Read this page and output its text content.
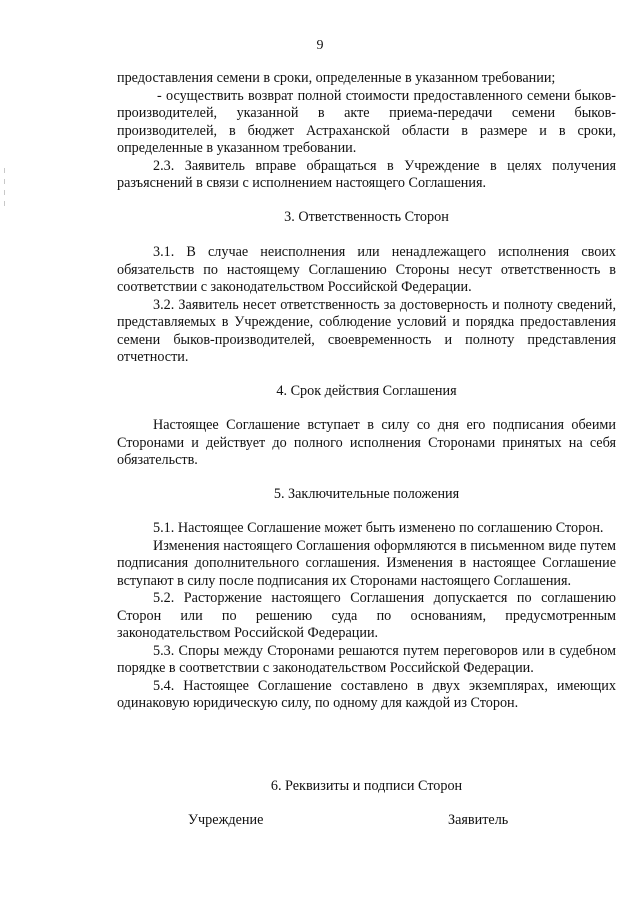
9

предоставления семени в сроки, определенные в указанном требовании;

- осуществить возврат полной стоимости предоставленного семени быков-производителей, указанной в акте приема-передачи семени быков-производителей, в бюджет Астраханской области в размере и в сроки, определенные в указанном требовании.

2.3. Заявитель вправе обращаться в Учреждение в целях получения разъяснений в связи с исполнением настоящего Соглашения.

3. Ответственность Сторон

3.1. В случае неисполнения или ненадлежащего исполнения своих обязательств по настоящему Соглашению Стороны несут ответственность в соответствии с законодательством Российской Федерации.

3.2. Заявитель несет ответственность за достоверность и полноту сведений, представляемых в Учреждение, соблюдение условий и порядка предоставления семени быков-производителей, своевременность и полноту представления отчетности.

4. Срок действия Соглашения

Настоящее Соглашение вступает в силу со дня его подписания обеими Сторонами и действует до полного исполнения Сторонами принятых на себя обязательств.

5. Заключительные положения

5.1. Настоящее Соглашение может быть изменено по соглашению Сторон.

Изменения настоящего Соглашения оформляются в письменном виде путем подписания дополнительного соглашения. Изменения в настоящее Соглашение вступают в силу после подписания их Сторонами настоящего Соглашения.

5.2. Расторжение настоящего Соглашения допускается по соглашению Сторон или по решению суда по основаниям, предусмотренным законодательством Российской Федерации.

5.3. Споры между Сторонами решаются путем переговоров или в судебном порядке в соответствии с законодательством Российской Федерации.

5.4. Настоящее Соглашение составлено в двух экземплярах, имеющих одинаковую юридическую силу, по одному для каждой из Сторон.

6. Реквизиты и подписи Сторон
Учреждение	Заявитель
